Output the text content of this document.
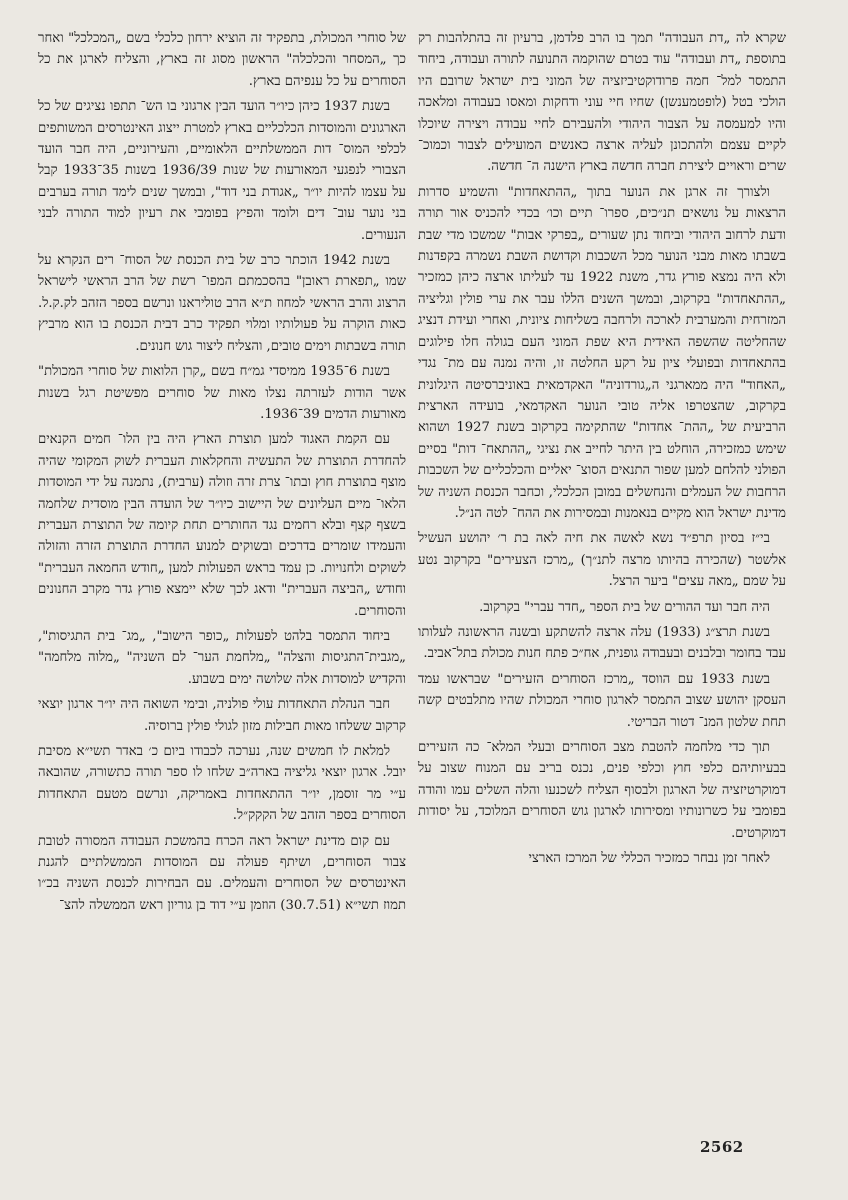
שקרא לה „דת העבודה" תמך בו הרב פלדמן, ברעיון זה בהתלהבות רק בתוספת „דת ועבודה" עוד בטרם שהוקמה התנועה לתורה ועבודה, ביחוד התמסר למל־ חמה פרודוקטיביזציה של המוני בית ישראל שרובם היו הולכי בטל (לופטמענשן) שחיו חיי עוני ודחקות ומאסו בעבודה ומלאכה והיו למעמסה על הצבור היהודי ולהעבירם לחיי עבודה ויצירה שיוכלו לקיים עצמם ולהתכונן לעליה ארצה כאנשים המועילים לצבור וכמוכ־ שרים וראויים ליצירת חברה חדשה בארץ הישנה ה־ חדשה.

ולצורך זה ארגן את הנוער בתוך „ההתאחדות" והשמיע סדרות הרצאות על נושאים תנ״כים, ספרו־ תיים וכו׳ בכדי להכניס אור תורה ודעת לרחוב היהודי וביחוד נתן שעורים „בפרקי אבות" שמשכו מדי שבת בשבתו מאות מבני הנוער מכל השכבות וקדושת השבת נשמרה בקפדנות ולא היה נמצא פורץ גדר, משנת 1922 עד לעליתו ארצה כיהן כמזכיר „ההתאחדות" בקרקוב, ובמשך השנים הללו עבר את ערי פולין וגליציה המזרחית והמערבית לארכה ולרחבה בשליחות ציונית, ואחרי ועידת דנציג שהחליטה שהשפה האידית היא שפת המוני העם בגולה חלו פילוגים בהתאחדות ובפועלי ציון על רקע החלטה זו, והיה נמנה עם מת־ נגדי „האחוד" היה ממארגני ה„גורדוניה" האקדמאית באוניברסיטה היגלונית בקרקוב, שהצטרפו אליה טובי הנוער האקדמאי, בועידה הארצית הרביעית של „ההת־ אחדות" שהתקימה בקרקוב בשנת 1927 ושהוא שימש כמזכירה, הוחלט בין היתר לחייב את נציגי „ההתאח־ דות" בסיים הפולני להלחם למען שפור התנאים הסוצ־ יאליים והכלכליים של השכבות הרחבות של העמלים והנחשלים במובן הכלכלי, וכחבר הכנסת השניה של מדינת ישראל הוא מקיים בנאמנות ובמסירות את ההח־ לטה הנ״ל.

בי״ז בסיון תרפ״ד נשא לאשה את חיה לאה בת ר׳ יהושע העשיל אלשטר (שהכירה בהיותו מרצה לתנ״ך) „מרכז הצעירים" בקרקוב נטע על שמם „מאה עצים" ביער הרצל.

היה חבר ועד ההורים של בית הספר „חדר עברי" בקרקוב.

בשנת תרצ״ג (1933) עלה ארצה להשתקע ובשנה הראשונה לעלותו עבד בחומר ובלבנים ובעבודה גופנית, אח״כ פתח חנות מכולת בתל־אביב.

בשנת 1933 עם הווסד „מרכז הסוחרים הזעירים" שבראשו עמד העסקן יהושע שצוב התמסר לארגון סוחרי המכולת שהיו מתלבטים קשה תחת שלטון המנ־ דטור הבריטי.

תוך כדי מלחמה להטבת מצב הסוחרים ובעלי המלא־ כה הזעירים בבעיותיהם כלפי חוץ וכלפי פנים, נכנס בריב עם המנוח שצוב על דמוקרטיזציה של הארגון ולבסוף הצליח לשכנעו והלה השלים עמו והודה בפומבי על כשרונותיו ומסירותו לארגון גוש הסוחרים המלוכד, על יסודות דמוקרטים.

לאחר זמן נבחר כמזכיר הכללי של המרכז הארצי

של סוחרי המכולת, בתפקיד זה הוציא ירחון כלכלי בשם „המכלכל" ואחר כך „המסחר והכלכלה" הראשון מסוג זה בארץ, והצליח לארגן את כל הסוחרים על כל ענפיהם בארץ.

בשנת 1937 כיהן כיו״ר הועד הבין ארגוני בו הש־ תתפו נציגים של כל הארגונים והמוסדות הכלכליים בארץ למטרת ייצוג האינטרסים המשותפים לכלפי המוס־ דות הממשלתיים הלאומיים, והעירוניים, היה חבר הועד הצבורי לנפגעי המאורעות של שנות 1936/39 בשנות 35־1933 קבל על עצמו להיות יו״ר „אגודת בני דוד", ובמשך שנים לימד תורה בערבים בני נוער עוב־ דים ולומד והפיץ בפומבי את רעיון למוד התורה לבני הנעורים.

בשנת 1942 הוכתר כרב של בית הכנסת של הסוח־ רים הנקרא על שמו „תפארת ראובן" בהסכמתם המפו־ רשת של הרב הראשי לישראל הרצוג והרב הראשי למחוז ת״א הרב טוליראנו ונרשם בספר הזהב לק.ק.ל. כאות הוקרה על פעולותיו ומלוי תפקיד כרב דבית הכנסת בו הוא מרביץ תורה בשבתות וימים טובים, והצליח ליצור גוש חנונים.

בשנת 6־1935 ממיסדי גמ״ח בשם „קרן הלואות של סוחרי המכולת" אשר הודות לעזרתה נצלו מאות של סוחרים מפשיטת רגל בשנות מאורעות הדמים 39־1936.

עם הקמת האגוד למען תוצרת הארץ היה בין הלו־ חמים הקנאים להחדרת התוצרת של התעשיה והחקלאות העברית לשוק המקומי שהיה מוצף בתוצרת חוץ ובתו־ צרת זרה וזולה (ערבית), נתמנה על ידי המוסדות הלאו־ מיים העליונים של היישוב כיו״ר של הועדה הבין מוסדית שלחמה בשצף קצף ובלא רחמים נגד החותרים תחת קיומה של התוצרת העברית והעמידו שומרים בדרכים ובשוקים למנוע החדרת התוצרת הזרה והזולה לשוקים ולחנויות. כן עמד בראש הפעולות למען „חודש החמאה העברית" וחודש „הביצה העברית" ודאג לכך שלא יימצא פורץ גדר מקרב החנונים והסוחרים.

ביחוד התמסר בלהט לפעולות „כופר הישוב", „מג־ בית התגיסות", „מגבית־התגיסות והצלה" „מלחמת הער־ לם השניה" „מלוה מלחמה" והקדיש למוסדות אלה שלושה ימים בשבוע.

חבר הנהלת התאחדות עולי פולניה, ובימי השואה היה יו״ר ארגון יוצאי קרקוב ששלחו מאות חבילות מזון לגולי פולין ברוסיה.

למלאת לו חמשים שנה, נערכה לכבודו ביום כ׳ באדר תשי״א מסיבת יובל. ארגון יוצאי גליציה בארה״ב שלחו לו ספר תורה כתשורה, שהובאה ע״י מר זוסמן, יו״ר ההתאחדות באמריקה, ונרשם מטעם התאחדות הסוחרים בספר הזהב של הקקק״ל.

עם קום מדינת ישראל ראה הכרח בהמשכת העבודה המסורה לטובת צבור הסוחרים, ושיתף פעולה עם המוסדות הממשלתיים להגנת האינטרסים של הסוחרים והעמלים. עם הבחירות לכנסת השניה בכ״ו תמוז תשי״א (30.7.51) הוזמן ע״י דוד בן גוריון ראש הממשלה להצ־

2562
